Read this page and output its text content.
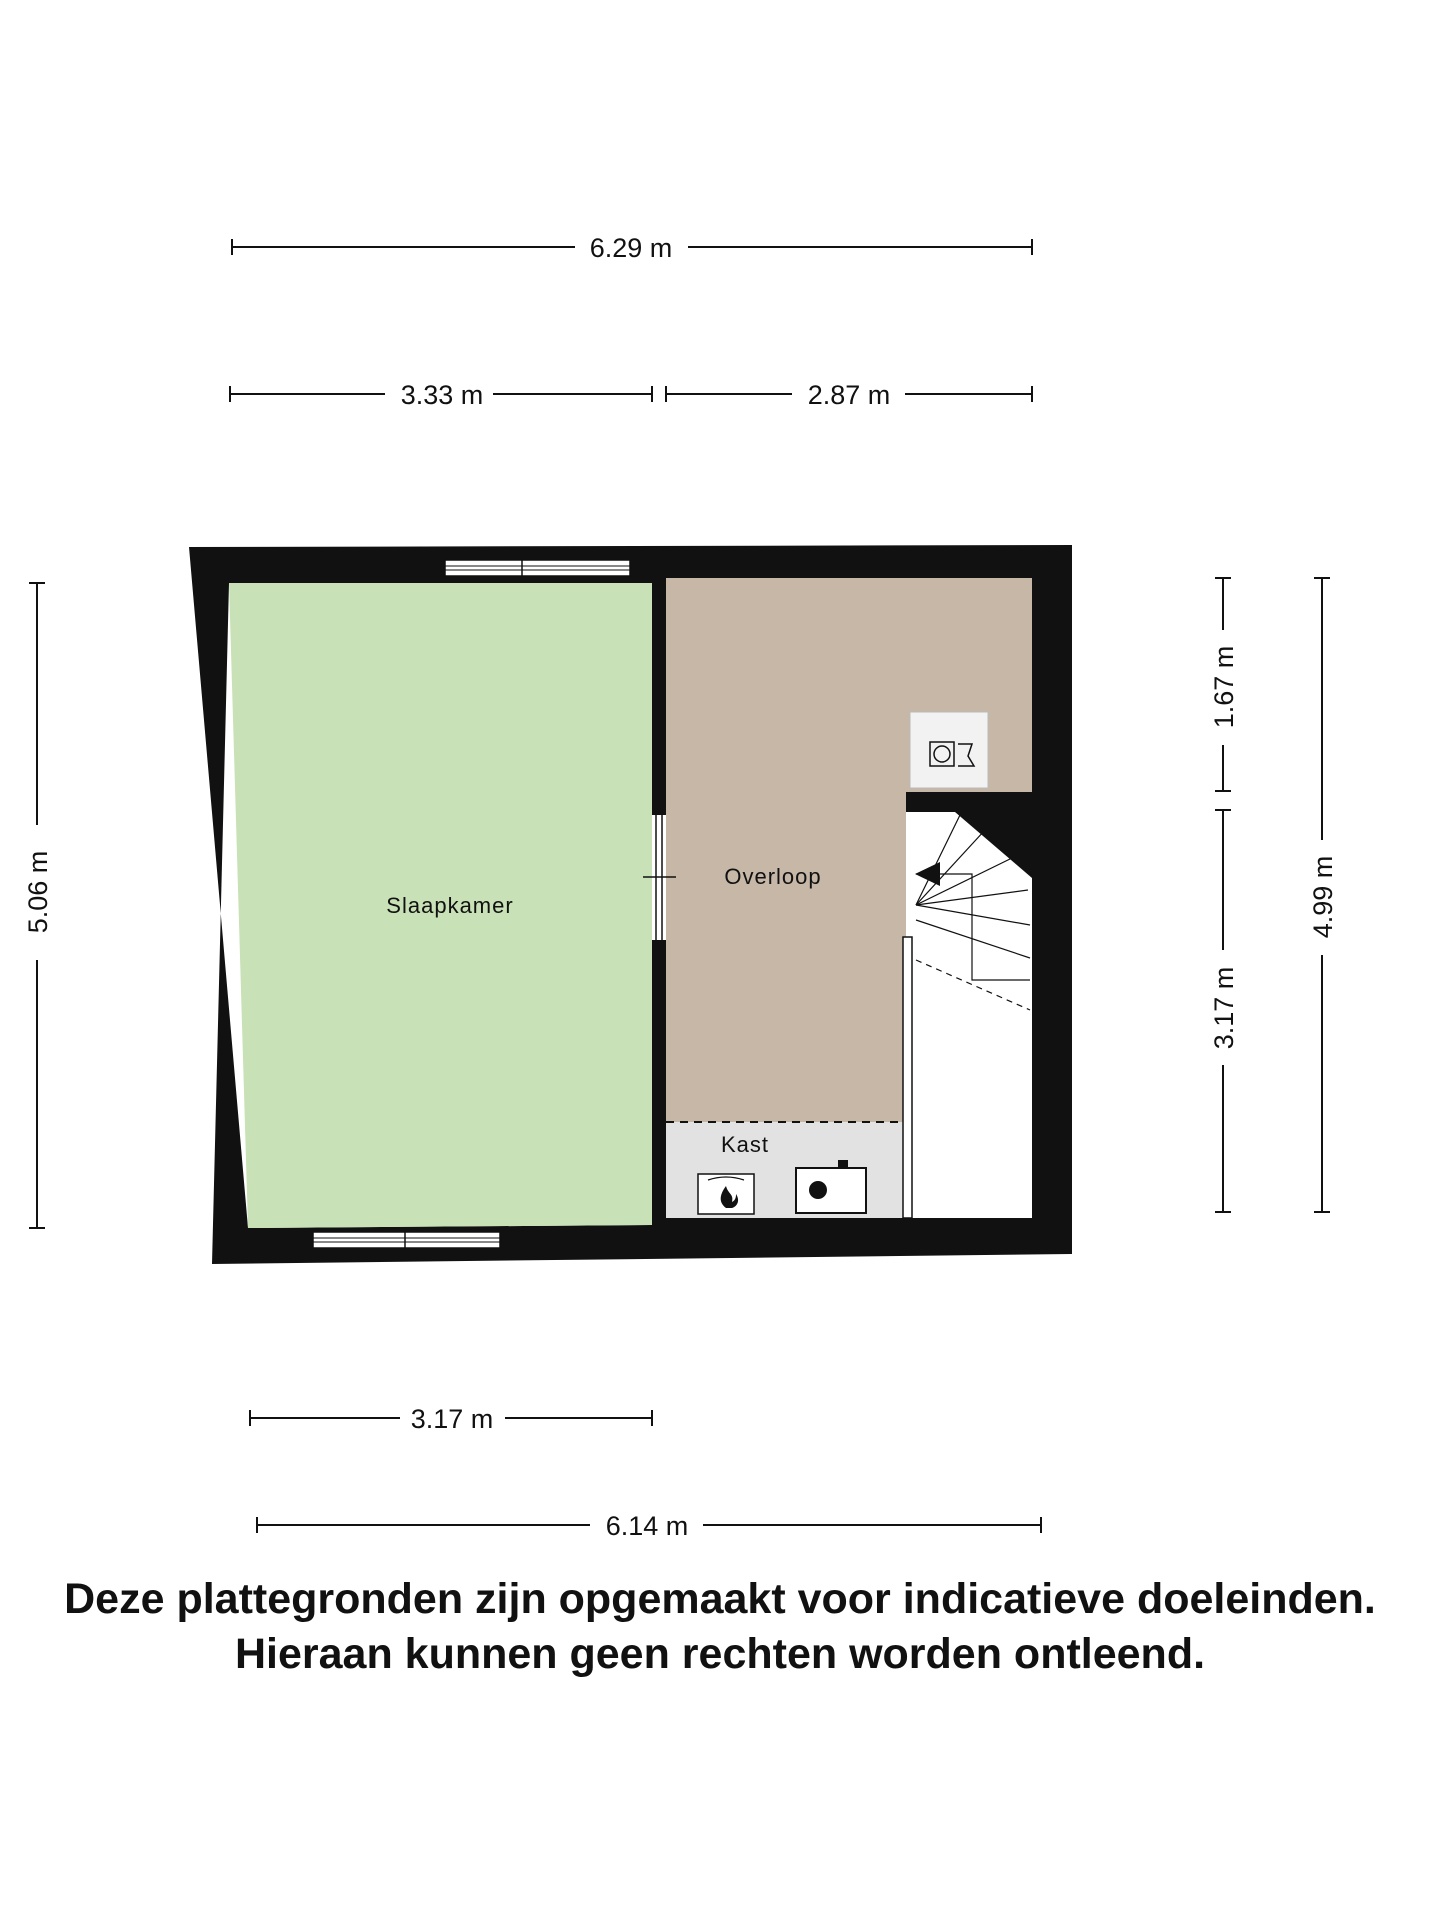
6.29 m
3.33 m	2.87 m
5.06 m
1.67 m
3.17 m
4.99 m
3.17 m
6.14 m
Slaapkamer
Overloop
Kast
Deze plattegronden zijn opgemaakt voor indicatieve doeleinden.
Hieraan kunnen geen rechten worden ontleend.
